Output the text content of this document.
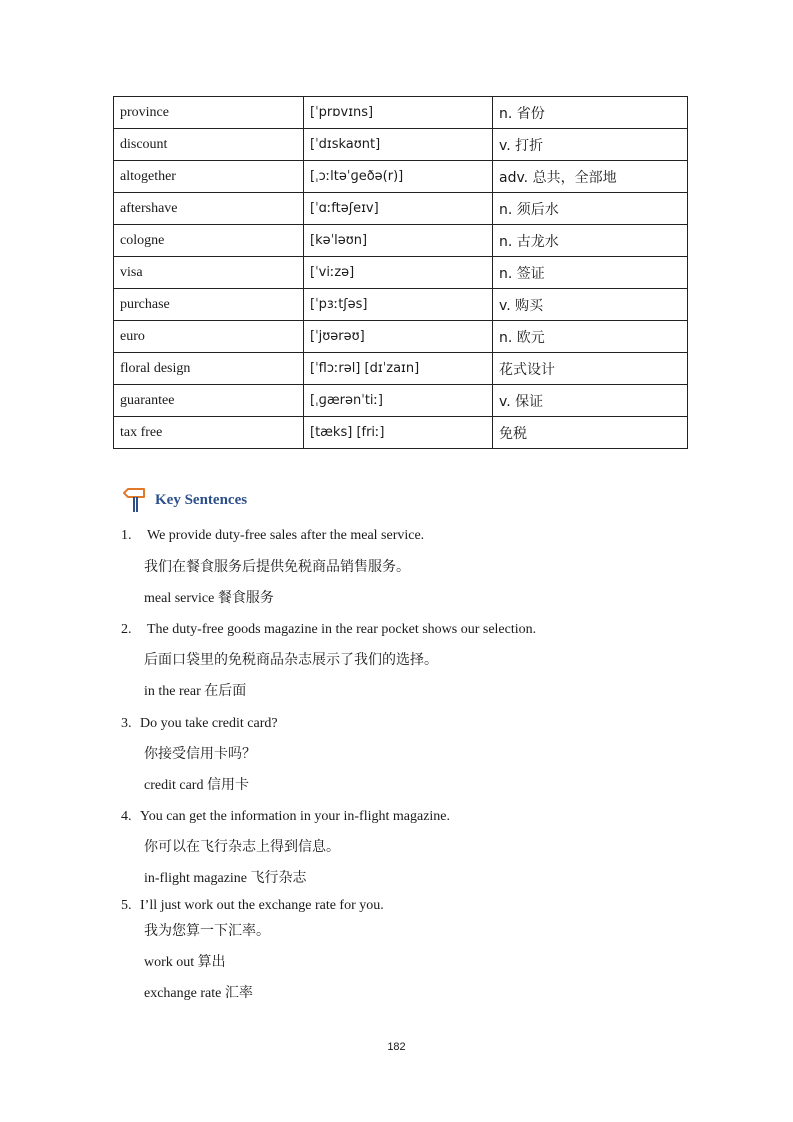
province	[ˈprɒvɪns]	n. 省份
discount	[ˈdɪskaʊnt]	v. 打折
altogether	[ˌɔːltəˈɡeðə(r)]	adv. 总共，全部地
aftershave	[ˈɑːftəʃeɪv]	n. 须后水
cologne	[kəˈləʊn]	n. 古龙水
visa	[ˈviːzə]	n. 签证
purchase	[ˈpɜːtʃəs]	v. 购买
euro	[ˈjʊərəʊ]	n. 欧元
floral design	[ˈflɔːrəl] [dɪˈzaɪn]	花式设计
guarantee	[ˌɡærənˈtiː]	v. 保证
tax free	[tæks] [friː]	免税
Key Sentences
1. We provide duty-free sales after the meal service.
我们在餐食服务后提供免税商品销售服务。
meal service 餐食服务
2. The duty-free goods magazine in the rear pocket shows our selection.
后面口袋里的免税商品杂志展示了我们的选择。
in the rear 在后面
3. Do you take credit card?
你接受信用卡吗？
credit card 信用卡
4. You can get the information in your in-flight magazine.
你可以在飞行杂志上得到信息。
in-flight magazine 飞行杂志
5. I’ll just work out the exchange rate for you.
我为您算一下汇率。
work out 算出
exchange rate 汇率
182
